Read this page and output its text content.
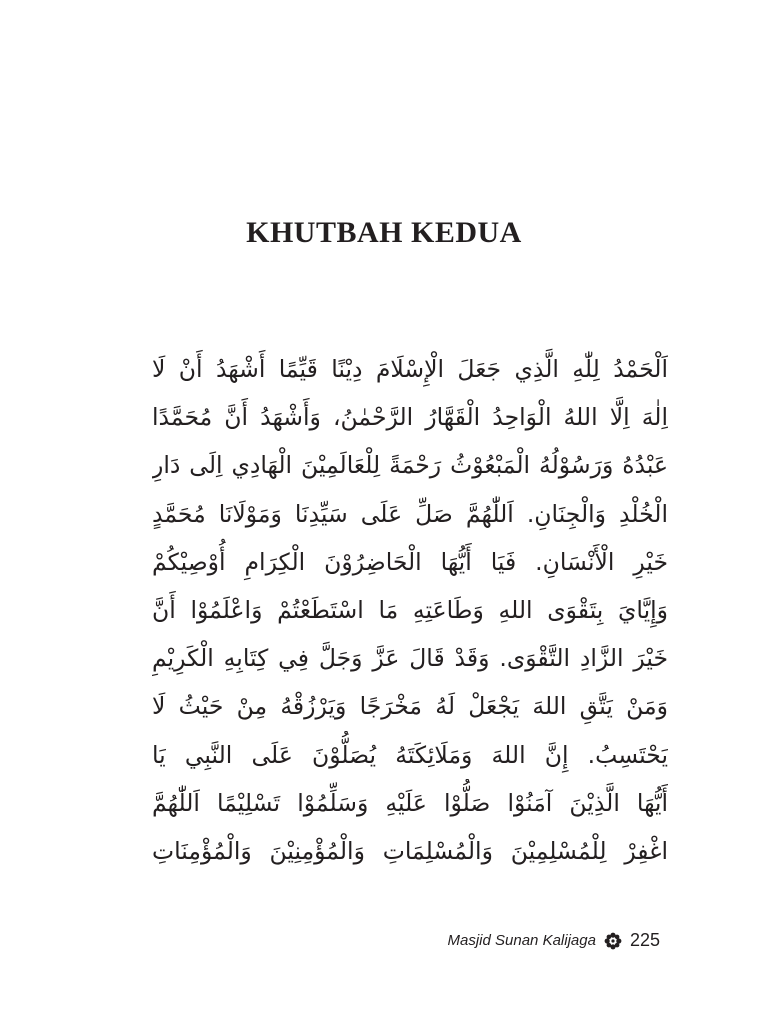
KHUTBAH KEDUA
اَلْحَمْدُ لِلّٰهِ الَّذِي جَعَلَ الْإِسْلَامَ دِيْنًا قَيِّمًا أَشْهَدُ أَنْ لَا
اِلٰهَ اِلَّا اللهُ الْوَاحِدُ الْقَهَّارُ الرَّحْمٰنُ، وَأَشْهَدُ أَنَّ مُحَمَّدًا
عَبْدُهُ وَرَسُوْلُهُ الْمَبْعُوْثُ رَحْمَةً لِلْعَالَمِيْنَ الْهَادِي اِلَى دَارِ
الْخُلْدِ وَالْجِنَانِ. اَللّٰهُمَّ صَلِّ عَلَى سَيِّدِنَا وَمَوْلَانَا مُحَمَّدٍ
خَيْرِ الْأَنْسَانِ. فَيَا أَيُّهَا الْحَاضِرُوْنَ الْكِرَامِ أُوْصِيْكُمْ
وَإِيَّايَ بِتَقْوَى اللهِ وَطَاعَتِهِ مَا اسْتَطَعْتُمْ وَاعْلَمُوْا أَنَّ
خَيْرَ الزَّادِ التَّقْوَى. وَقَدْ قَالَ عَزَّ وَجَلَّ فِي كِتَابِهِ الْكَرِيْمِ
وَمَنْ يَتَّقِ اللهَ يَجْعَلْ لَهُ مَخْرَجًا وَيَرْزُقْهُ مِنْ حَيْثُ لَا
يَحْتَسِبُ. إِنَّ اللهَ وَمَلَائِكَتَهُ يُصَلُّوْنَ عَلَى النَّبِي يَا
أَيُّهَا الَّذِيْنَ آمَنُوْا صَلُّوْا عَلَيْهِ وَسَلِّمُوْا تَسْلِيْمًا اَللّٰهُمَّ
اغْفِرْ لِلْمُسْلِمِيْنَ وَالْمُسْلِمَاتِ وَالْمُؤْمِنِيْنَ وَالْمُؤْمِنَاتِ
Masjid Sunan Kalijaga 225
